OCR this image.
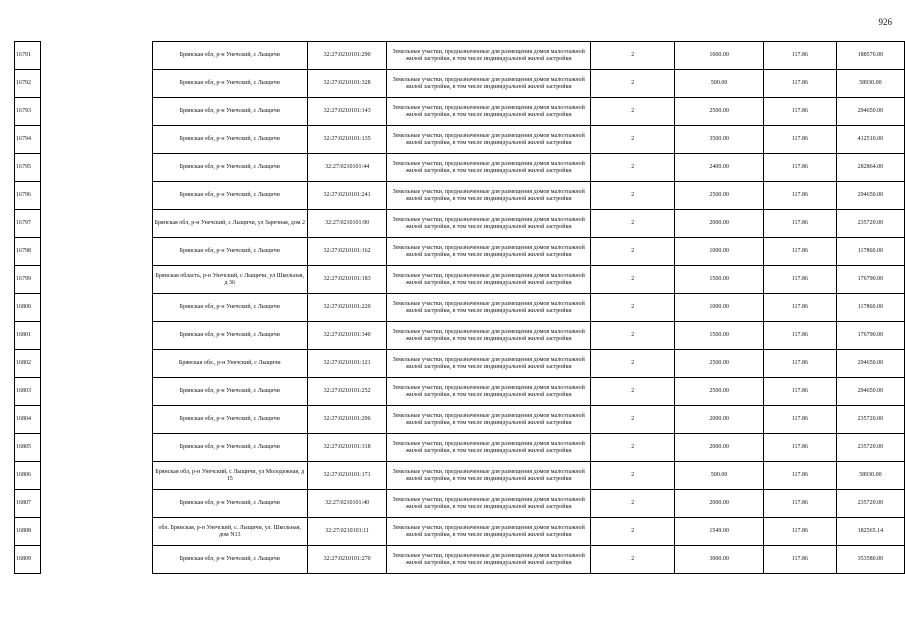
926
16791		Брянская обл, р-н Унечский, с Лыщичи	32:27:0210101:290	Земельные участки, предназначенные для размещения домов малоэтажной жилой застройки, в том числе индивидуальной жилой застройки	2	1600.00	117.86	188576.00
16792		Брянская обл, р-н Унечский, с Лыщичи	32:27:0210101:328	Земельные участки, предназначенные для размещения домов малоэтажной жилой застройки, в том числе индивидуальной жилой застройки	2	500.00	117.86	58930.00
16793		Брянская обл, р-н Унечский, с Лыщичи	32:27:0210101:143	Земельные участки, предназначенные для размещения домов малоэтажной жилой застройки, в том числе индивидуальной жилой застройки	2	2500.00	117.86	294650.00
16794		Брянская обл, р-н Унечский, с Лыщичи	32:27:0210101:135	Земельные участки, предназначенные для размещения домов малоэтажной жилой застройки, в том числе индивидуальной жилой застройки	2	3500.00	117.86	412510.00
16795		Брянская обл, р-н Унечский, с Лыщичи	32:27:0210101:44	Земельные участки, предназначенные для размещения домов малоэтажной жилой застройки, в том числе индивидуальной жилой застройки	2	2400.00	117.86	282864.00
16796		Брянская обл, р-н Унечский, с Лыщичи	32:27:0210101:241	Земельные участки, предназначенные для размещения домов малоэтажной жилой застройки, в том числе индивидуальной жилой застройки	2	2500.00	117.86	294650.00
16797		Брянская обл, р-н Унечский, с Лыщичи, ул Заречная, дом 2	32:27:0210101:90	Земельные участки, предназначенные для размещения домов малоэтажной жилой застройки, в том числе индивидуальной жилой застройки	2	2000.00	117.86	235720.00
16798		Брянская обл, р-н Унечский, с Лыщичи	32:27:0210101:162	Земельные участки, предназначенные для размещения домов малоэтажной жилой застройки, в том числе индивидуальной жилой застройки	2	1000.00	117.86	117860.00
16799		Брянская область, р-н Унечский, с Лыщичи, ул Школьная, д 36	32:27:0210101:183	Земельные участки, предназначенные для размещения домов малоэтажной жилой застройки, в том числе индивидуальной жилой застройки	2	1500.00	117.86	176790.00
16800		Брянская обл, р-н Унечский, с Лыщичи	32:27:0210101:220	Земельные участки, предназначенные для размещения домов малоэтажной жилой застройки, в том числе индивидуальной жилой застройки	2	1000.00	117.86	117860.00
16801		Брянская обл, р-н Унечский, с Лыщичи	32:27:0210101:340	Земельные участки, предназначенные для размещения домов малоэтажной жилой застройки, в том числе индивидуальной жилой застройки	2	1500.00	117.86	176790.00
16802		Брянская обл., р-н Унечский, с Лыщичи	32:27:0210101:121	Земельные участки, предназначенные для размещения домов малоэтажной жилой застройки, в том числе индивидуальной жилой застройки	2	2500.00	117.86	294650.00
16803		Брянская обл, р-н Унечский, с Лыщичи	32:27:0210101:252	Земельные участки, предназначенные для размещения домов малоэтажной жилой застройки, в том числе индивидуальной жилой застройки	2	2500.00	117.86	294650.00
16804		Брянская обл, р-н Унечский, с Лыщичи	32:27:0210101:296	Земельные участки, предназначенные для размещения домов малоэтажной жилой застройки, в том числе индивидуальной жилой застройки	2	2000.00	117.86	235720.00
16805		Брянская обл, р-н Унечский, с Лыщичи	32:27:0210101:318	Земельные участки, предназначенные для размещения домов малоэтажной жилой застройки, в том числе индивидуальной жилой застройки	2	2000.00	117.86	235720.00
16806		Брянская обл, р-н Унечский, с Лыщичи, ул Молодежная, д 15	32:27:0210101:171	Земельные участки, предназначенные для размещения домов малоэтажной жилой застройки, в том числе индивидуальной жилой застройки	2	500.00	117.86	58930.00
16807		Брянская обл, р-н Унечский, с Лыщичи	32:27:0210101:40	Земельные участки, предназначенные для размещения домов малоэтажной жилой застройки, в том числе индивидуальной жилой застройки	2	2000.00	117.86	235720.00
16808		обл. Брянская, р-н Унечский, с. Лыщичи, ул. Школьная, дом N13	32:27:0210101:11	Земельные участки, предназначенные для размещения домов малоэтажной жилой застройки, в том числе индивидуальной жилой застройки	2	1549.00	117.86	182565.14
16809		Брянская обл, р-н Унечский, с Лыщичи	32:27:0210101:270	Земельные участки, предназначенные для размещения домов малоэтажной жилой застройки, в том числе индивидуальной жилой застройки	2	3000.00	117.86	353580.00
